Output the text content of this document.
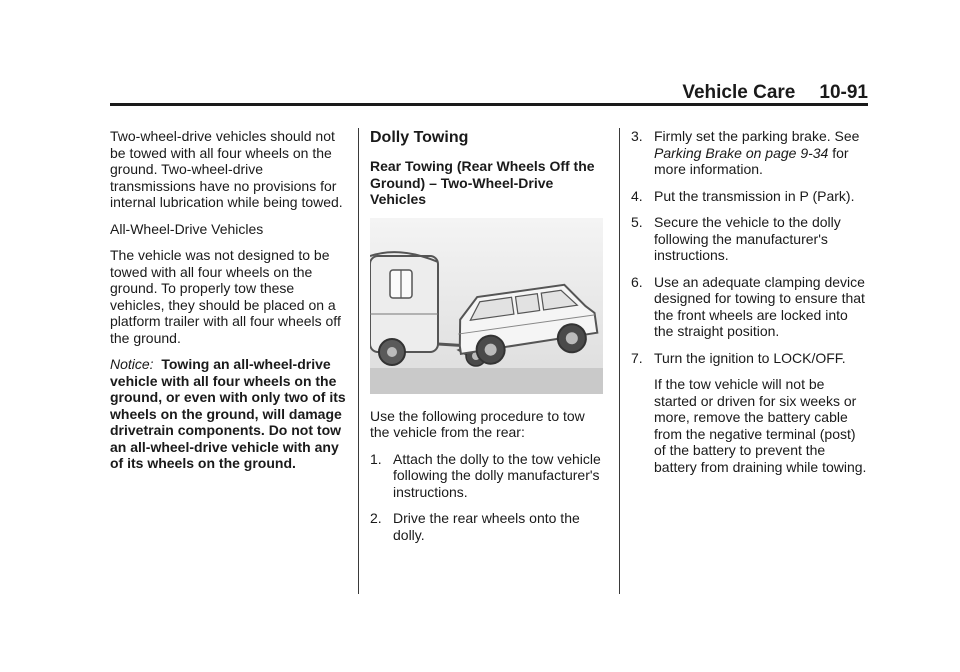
Vehicle Care 10-91

Two-wheel-drive vehicles should not be towed with all four wheels on the ground. Two-wheel-drive transmissions have no provisions for internal lubrication while being towed.

All-Wheel-Drive Vehicles

The vehicle was not designed to be towed with all four wheels on the ground. To properly tow these vehicles, they should be placed on a platform trailer with all four wheels off the ground.

Notice: Towing an all-wheel-drive vehicle with all four wheels on the ground, or even with only two of its wheels on the ground, will damage drivetrain components. Do not tow an all-wheel-drive vehicle with any of its wheels on the ground.

Dolly Towing
Rear Towing (Rear Wheels Off the Ground) – Two-Wheel-Drive Vehicles

Use the following procedure to tow the vehicle from the rear:

1. Attach the dolly to the tow vehicle following the dolly manufacturer's instructions.
2. Drive the rear wheels onto the dolly.
3. Firmly set the parking brake. See Parking Brake on page 9-34 for more information.
4. Put the transmission in P (Park).
5. Secure the vehicle to the dolly following the manufacturer's instructions.
6. Use an adequate clamping device designed for towing to ensure that the front wheels are locked into the straight position.
7. Turn the ignition to LOCK/OFF.

If the tow vehicle will not be started or driven for six weeks or more, remove the battery cable from the negative terminal (post) of the battery to prevent the battery from draining while towing.
